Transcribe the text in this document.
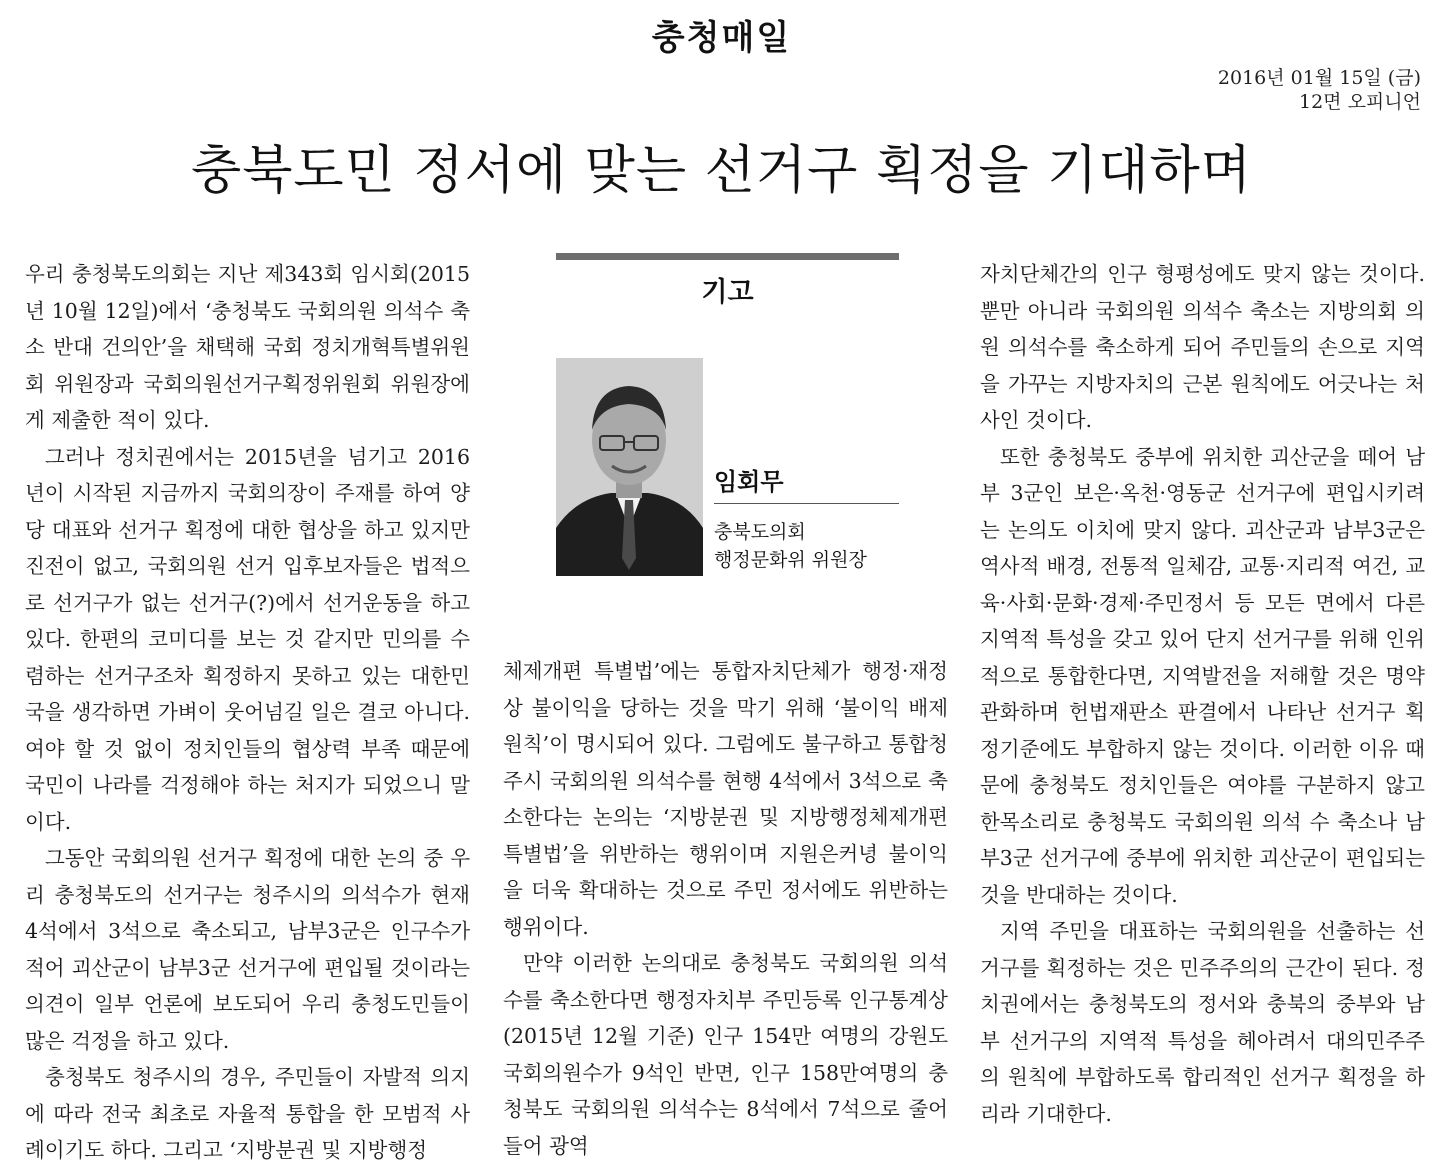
충청매일
2016년 01월 15일 (금)
12면 오피니언
충북도민 정서에 맞는 선거구 획정을 기대하며
기고
임회무
충북도의회
행정문화위 위원장

우리 충청북도의회는 지난 제343회 임시회(2015년 10월 12일)에서 ‘충청북도 국회의원 의석수 축소 반대 건의안’을 채택해 국회 정치개혁특별위원회 위원장과 국회의원선거구획정위원회 위원장에게 제출한 적이 있다.

그러나 정치권에서는 2015년을 넘기고 2016년이 시작된 지금까지 국회의장이 주재를 하여 양당 대표와 선거구 획정에 대한 협상을 하고 있지만 진전이 없고, 국회의원 선거 입후보자들은 법적으로 선거구가 없는 선거구(?)에서 선거운동을 하고 있다. 한편의 코미디를 보는 것 같지만 민의를 수렴하는 선거구조차 획정하지 못하고 있는 대한민국을 생각하면 가벼이 웃어넘길 일은 결코 아니다. 여야 할 것 없이 정치인들의 협상력 부족 때문에 국민이 나라를 걱정해야 하는 처지가 되었으니 말이다.

그동안 국회의원 선거구 획정에 대한 논의 중 우리 충청북도의 선거구는 청주시의 의석수가 현재 4석에서 3석으로 축소되고, 남부3군은 인구수가 적어 괴산군이 남부3군 선거구에 편입될 것이라는 의견이 일부 언론에 보도되어 우리 충청도민들이 많은 걱정을 하고 있다.

충청북도 청주시의 경우, 주민들이 자발적 의지에 따라 전국 최초로 자율적 통합을 한 모범적 사례이기도 하다. 그리고 ‘지방분권 및 지방행정

체제개편 특별법’에는 통합자치단체가 행정·재정상 불이익을 당하는 것을 막기 위해 ‘불이익 배제원칙’이 명시되어 있다. 그럼에도 불구하고 통합청주시 국회의원 의석수를 현행 4석에서 3석으로 축소한다는 논의는 ‘지방분권 및 지방행정체제개편 특별법’을 위반하는 행위이며 지원은커녕 불이익을 더욱 확대하는 것으로 주민 정서에도 위반하는 행위이다.

만약 이러한 논의대로 충청북도 국회의원 의석수를 축소한다면 행정자치부 주민등록 인구통계상(2015년 12월 기준) 인구 154만 여명의 강원도 국회의원수가 9석인 반면, 인구 158만여명의 충청북도 국회의원 의석수는 8석에서 7석으로 줄어들어 광역

자치단체간의 인구 형평성에도 맞지 않는 것이다. 뿐만 아니라 국회의원 의석수 축소는 지방의회 의원 의석수를 축소하게 되어 주민들의 손으로 지역을 가꾸는 지방자치의 근본 원칙에도 어긋나는 처사인 것이다.

또한 충청북도 중부에 위치한 괴산군을 떼어 남부 3군인 보은·옥천·영동군 선거구에 편입시키려는 논의도 이치에 맞지 않다. 괴산군과 남부3군은 역사적 배경, 전통적 일체감, 교통·지리적 여건, 교육·사회·문화·경제·주민정서 등 모든 면에서 다른 지역적 특성을 갖고 있어 단지 선거구를 위해 인위적으로 통합한다면, 지역발전을 저해할 것은 명약관화하며 헌법재판소 판결에서 나타난 선거구 획정기준에도 부합하지 않는 것이다. 이러한 이유 때문에 충청북도 정치인들은 여야를 구분하지 않고 한목소리로 충청북도 국회의원 의석 수 축소나 남부3군 선거구에 중부에 위치한 괴산군이 편입되는 것을 반대하는 것이다.

지역 주민을 대표하는 국회의원을 선출하는 선거구를 획정하는 것은 민주주의의 근간이 된다. 정치권에서는 충청북도의 정서와 충북의 중부와 남부 선거구의 지역적 특성을 헤아려서 대의민주주의 원칙에 부합하도록 합리적인 선거구 획정을 하리라 기대한다.
